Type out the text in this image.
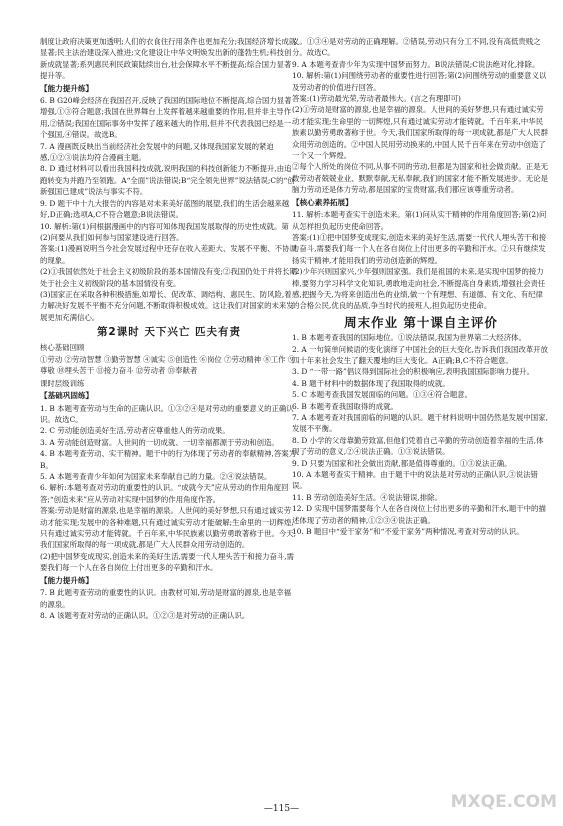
制度让政府决策更加透明;人们的衣食住行用条件也更加充分;我国经济增长成就显著;民主法治建设深入推进;文化建设让中华文明焕发出新的蓬勃生机;科技创新成就显著;系列惠民利民政策陆续出台,社会保障水平不断提高;综合国力显著提升等。
【能力提升练】
6. B G20峰会经济在我国召开,反映了我国的国际地位不断提高,综合国力显著增强,①③符合题意;我国在世界舞台上发挥着越来越重要的作用,但并非主导作用,②错误;我国在国际事务中发挥了越来越大的作用,但并不代表我国已经是一个强国,④错误。故选B。
7. A 漫画既反映出当前经济社会发展中的问题,又体现我国家发展的紧迫感,①②③说法均符合漫画主题。
8. D 通过材料可以看出我国科技成就,说明我国的科技创新能力不断提升,由追跑转变为并跑乃至领跑。A“全面”说法错误;B“完全领先世界”说法错误;C的“创新强国已建成”说法与事实不符。
9. D 题干中十九大报告的内容是对未来美好蓝图的展望,我们的生活会越来越好,D正确;选项A,C不符合题意;B说法错误。
10. 解析:第(1)问根据漫画中的内容可知体现我国发展取得的历史性成就。第(2)问要从我们如何参与国家建设进行回答。
答案:(1)漫画说明当今社会发展过程中还存在收入差距大、发展不平衡、不协调的现象。
(2)①我国依然处于社会主义初级阶段的基本国情没有变;②我国仍处于并将长期处于社会主义初级阶段的基本国情没有变。
(3)国家正在采取各种积极措施,如增长、促改革、调结构、惠民生、防风险,着力解决好发展不平衡不充分问题,不断取得积极成效。这让我们对国家的未来发展更加充满信心。
第2课时 天下兴亡 匹夫有责
核心基础回顾
①劳动 ②劳动智慧 ③勤劳智慧 ④诚实 ⑤创造性 ⑥岗位 ⑦劳动精神 ⑧工作 ⑨尊敬 ⑩埋头苦干 ⑪接力奋斗 ⑫劳动者 ⑬奉献者
课时层级训练
【基础巩固练】
1. B 本题考查劳动与生命的正确认识。①③②④是对劳动的重要意义的正确认识。故选C。
2. C 劳动能创造美好生活,劳动者应尊重他人的劳动成果。
3. A 劳动能创造财富。人世间的一切成就、一切幸福都源于劳动和创造。
4. B 本题考查劳动、实干精神。题干中的行为体现了劳动者的奉献精神,答案为B。
5. A 本题考查青少年如何为国家未来奉献自己的力量。②④说法错误。
6. 解析:本题考查对劳动的重要性的认识。“成就今天”应从劳动的作用角度回答;“创造未来”应从劳动对实现中国梦的作用角度作答。
答案:劳动是财富的源泉,也是幸福的源泉。人世间的美好梦想,只有通过诚实劳动才能实现;发展中的各种难题,只有通过诚实劳动才能破解;生命里的一切辉煌,只有通过诚实劳动才能铸就。千百年来,中华民族素以勤劳勇敢著称于世。今天,我们国家所取得的每一项成就,都是广大人民群众用劳动创造的。
(2)把中国梦变成现实,创造未来的美好生活,需要一代人埋头苦干和接力奋斗,需要我们每一个人在各自岗位上付出更多的辛勤和汗水。
【能力提升练】
7. B 此题考查劳动的重要性的认识。由教材可知,劳动是财富的源泉,也是幸福的源泉。
8. A 该题考查对劳动的正确认识。①②③是对劳动的正确认识。
义。①③④是对劳动的正确理解。②错误,劳动只有分工不同,没有高低贵贱之分。故选C。
9. A 本题考查青少年为实现中国梦而努力。B说法错误;C说法绝对化,排除。
10. 解析:第(1)问围绕劳动者的重要性进行回答;第(2)问围绕劳动的重要意义以及劳动者的价值进行回答。
答案:(1)劳动最光荣,劳动者最伟大。(言之有理即可)
(2)①劳动是财富的源泉,也是幸福的源泉。人世间的美好梦想,只有通过诚实劳动才能实现;生命里的一切辉煌,只有通过诚实劳动才能铸就。千百年来,中华民族素以勤劳勇敢著称于世。今天,我们国家所取得的每一项成就,都是广大人民群众用劳动创造的。②中国人民用劳动换来的,中国人民千百年来在劳动中创造了一个又一个辉煌。
②每个人所处的岗位不同,从事不同的劳动,但都是为国家和社会做贡献。正是无数劳动者兢兢业业、默默奉献,无私奉献,我们的国家才能不断发展进步。无论是脑力劳动还是体力劳动,都是国家的宝贵财富,我们都应该尊重劳动者。
【核心素养拓展】
11. 解析:本题考查实干创造未来。第(1)问从实干精神的作用角度回答;第(2)问从怎样担负起历史使命回答。
答案:(1)①把中国梦变成现实,创造未来的美好生活,需要一代代人埋头苦干和接力奋斗,需要我们每一个人在各自岗位上付出更多的辛勤和汗水。②只有继续发扬实干精神,才能用我们的劳动创造新的辉煌。
(2)少年兴则国家兴,少年强则国家强。我们是祖国的未来,是实现中国梦的接力棒,要努力学习科学文化知识,勇敢地走向社会,不断提高自身素质,增强社会责任感,把握今天,为将来创造出色的业绩,做一个有理想、有道德、有文化、有纪律的合格公民,优良的品质,争当时代的接班人,担负起历史使命。
周末作业 第十课自主评价
1. B 本题考查我国的国际地位。①说法错误,我国为世界第二大经济体。
2. A 一句简单问候语的变化演绎了中国社会的巨大变化,告诉我们我国改革开放四十年来社会发生了翻天覆地的巨大变化。A正确;B,C不符合题意。
3. D “一带一路”倡议得到国际社会的积极响应,表明我国国际影响力提升。
4. B 题干材料中的数据体现了我国取得的成就。
5. C 本题考查我国发展面临的问题。①③④符合题意。
6. B 本题考查我国取得的成就。
7. A 本题考查对我国面临的问题的认识。题干材料说明中国仍然是发展中国家,发展不平衡。
8. D 小学的父母靠勤劳致富,但他们凭着自己辛勤的劳动创造着幸福的生活,体现了劳动的意义,②④说法正确。①③说法错误。
9. D 只要为国家和社会做出贡献,都是值得尊重的。①③说法正确。
10. A 本题考查实干精神。由于题干中的说法是对劳动的正确认识,③说法错误。
11. B 劳动创造美好生活。④说法错误,排除。
12. D 实现中国梦需要每个人在各自岗位上付出更多的辛勤和汗水,题干中的描述体现了劳动者的精神,①②③④说法正确。
10. B 题目中“爱干家务”和“不爱干家务”两种情况,考查对劳动的认识。
—115—	MXQE.COM
